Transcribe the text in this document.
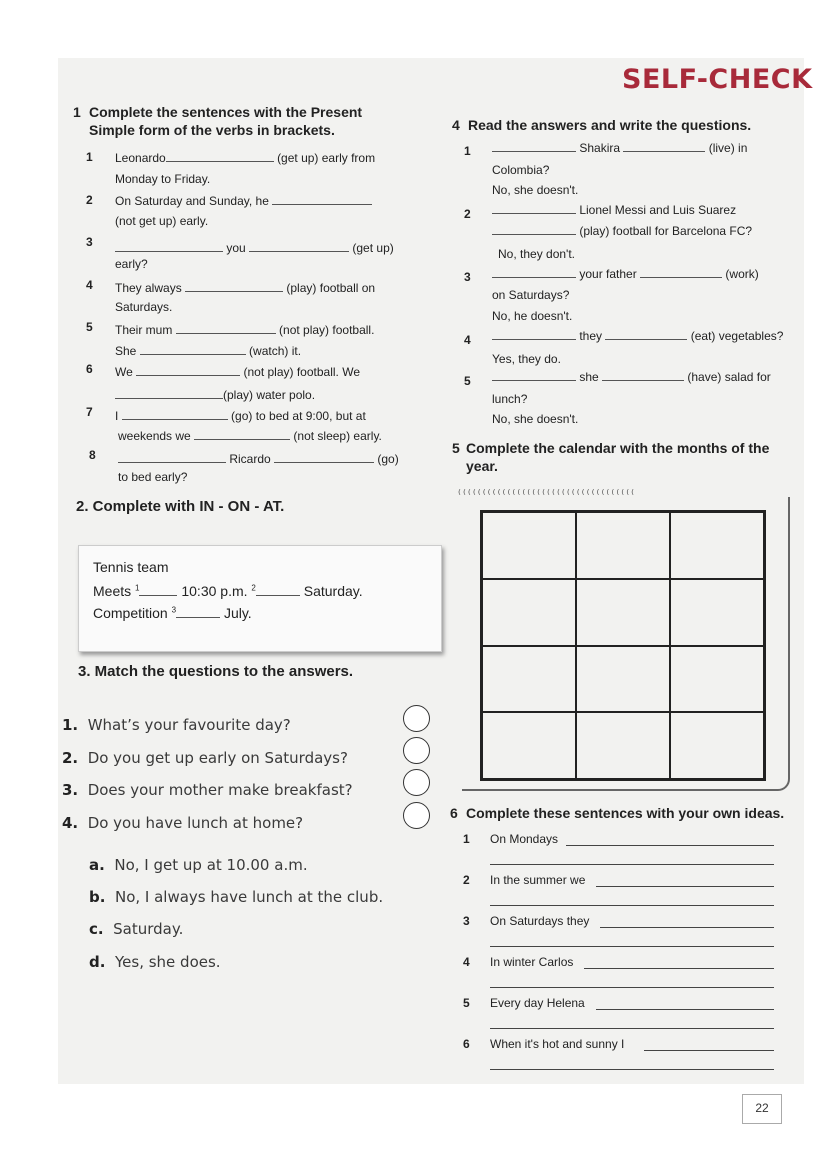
SELF-CHECK
1 Complete the sentences with the Present
Simple form of the verbs in brackets.
1 Leonardo	(get up) early from
Monday to Friday.
2 On Saturday and Sunday, he
(not get up) early.
3	you	(get up)
early?
4 They always	(play) football on
Saturdays.
5 Their mum	(not play) football.
She	(watch) it.
6 We	(not play) football. We
(play) water polo.
7 I	(go) to bed at 9:00, but at
weekends we	(not sleep) early.
8	Ricardo	(go)
to bed early?
2. Complete with IN - ON - AT.
Tennis team
Meets $^1$	10:30 p.m. $^2$	Saturday.
Competition $^3$	July.
3. Match the questions to the answers.
1. What’s your favourite day?
2. Do you get up early on Saturdays?
3. Does your mother make breakfast?
4. Do you have lunch at home?
a. No, I get up at 10.00 a.m.
b. No, I always have lunch at the club.
c. Saturday.
d. Yes, she does.
4 Read the answers and write the questions.
1	Shakira	(live) in
Colombia?
No, she doesn't.
2	Lionel Messi and Luis Suarez
(play) football for Barcelona FC?
No, they don't.
3	your father	(work)
on Saturdays?
No, he doesn't.
4	they	(eat) vegetables?
Yes, they do.
5	she	(have) salad for
lunch?
No, she doesn't.
5 Complete the calendar with the months of the
year.
⁽⁽⁽⁽⁽⁽⁽⁽⁽⁽⁽⁽⁽⁽⁽⁽⁽⁽⁽⁽⁽⁽⁽⁽⁽⁽⁽⁽⁽⁽⁽⁽⁽⁽⁽⁽
6 Complete these sentences with your own ideas.
1 On Mondays
2 In the summer we
3 On Saturdays they
4 In winter Carlos
5 Every day Helena
6 When it's hot and sunny I
22
